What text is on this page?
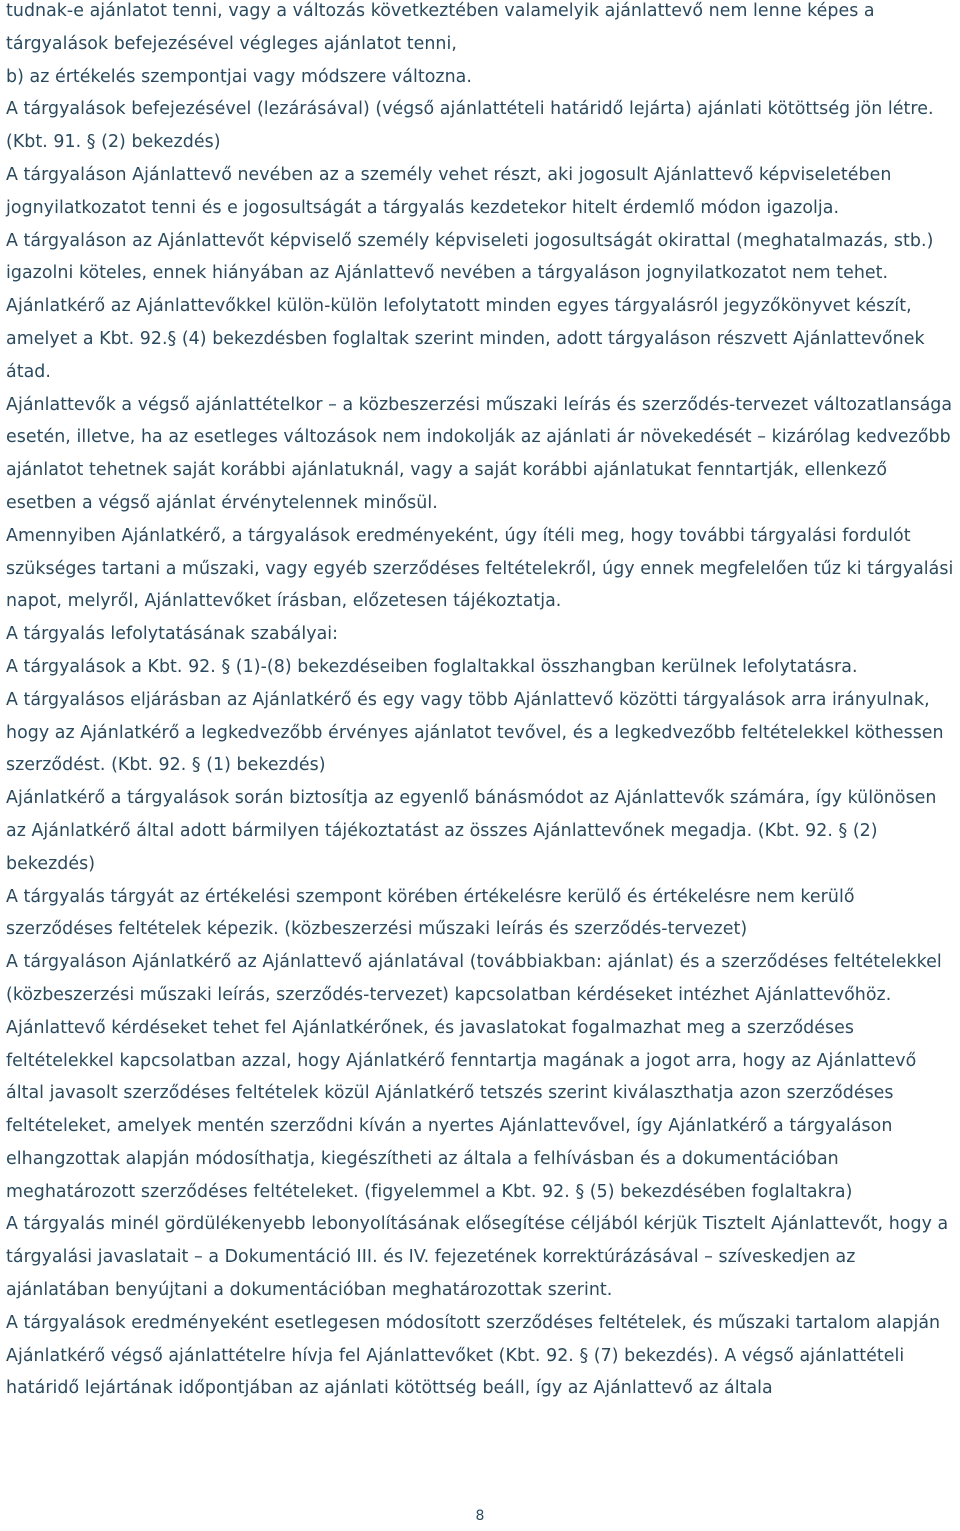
tudnak-e ajánlatot tenni, vagy a változás következtében valamelyik ajánlattevő nem lenne képes a tárgyalások befejezésével végleges ajánlatot tenni,

b) az értékelés szempontjai vagy módszere változna.

A tárgyalások befejezésével (lezárásával) (végső ajánlattételi határidő lejárta) ajánlati kötöttség jön létre. (Kbt. 91. § (2) bekezdés)

A tárgyaláson Ajánlattevő nevében az a személy vehet részt, aki jogosult Ajánlattevő képviseletében jognyilatkozatot tenni és e jogosultságát a tárgyalás kezdetekor hitelt érdemlő módon igazolja.

A tárgyaláson az Ajánlattevőt képviselő személy képviseleti jogosultságát okirattal (meghatalmazás, stb.) igazolni köteles, ennek hiányában az Ajánlattevő nevében a tárgyaláson jognyilatkozatot nem tehet.

Ajánlatkérő az Ajánlattevőkkel külön-külön lefolytatott minden egyes tárgyalásról jegyzőkönyvet készít, amelyet a Kbt. 92.§ (4) bekezdésben foglaltak szerint minden, adott tárgyaláson részvett Ajánlattevőnek átad.

Ajánlattevők a végső ajánlattételkor – a közbeszerzési műszaki leírás és szerződés-tervezet változatlansága esetén, illetve, ha az esetleges változások nem indokolják az ajánlati ár növekedését – kizárólag kedvezőbb ajánlatot tehetnek saját korábbi ajánlatuknál, vagy a saját korábbi ajánlatukat fenntartják, ellenkező esetben a végső ajánlat érvénytelennek minősül.

Amennyiben Ajánlatkérő, a tárgyalások eredményeként, úgy ítéli meg, hogy további tárgyalási fordulót szükséges tartani a műszaki, vagy egyéb szerződéses feltételekről, úgy ennek megfelelően tűz ki tárgyalási napot, melyről, Ajánlattevőket írásban, előzetesen tájékoztatja.

A tárgyalás lefolytatásának szabályai:

A tárgyalások a Kbt. 92. § (1)-(8) bekezdéseiben foglaltakkal összhangban kerülnek lefolytatásra.

A tárgyalásos eljárásban az Ajánlatkérő és egy vagy több Ajánlattevő közötti tárgyalások arra irányulnak, hogy az Ajánlatkérő a legkedvezőbb érvényes ajánlatot tevővel, és a legkedvezőbb feltételekkel köthessen szerződést. (Kbt. 92. § (1) bekezdés)

Ajánlatkérő a tárgyalások során biztosítja az egyenlő bánásmódot az Ajánlattevők számára, így különösen az Ajánlatkérő által adott bármilyen tájékoztatást az összes Ajánlattevőnek megadja. (Kbt. 92. § (2) bekezdés)

A tárgyalás tárgyát az értékelési szempont körében értékelésre kerülő és értékelésre nem kerülő szerződéses feltételek képezik. (közbeszerzési műszaki leírás és szerződés-tervezet)

A tárgyaláson Ajánlatkérő az Ajánlattevő ajánlatával (továbbiakban: ajánlat) és a szerződéses feltételekkel (közbeszerzési műszaki leírás, szerződés-tervezet) kapcsolatban kérdéseket intézhet Ajánlattevőhöz.

Ajánlattevő kérdéseket tehet fel Ajánlatkérőnek, és javaslatokat fogalmazhat meg a szerződéses feltételekkel kapcsolatban azzal, hogy Ajánlatkérő fenntartja magának a jogot arra, hogy az Ajánlattevő által javasolt szerződéses feltételek közül Ajánlatkérő tetszés szerint kiválaszthatja azon szerződéses feltételeket, amelyek mentén szerződni kíván a nyertes Ajánlattevővel, így Ajánlatkérő a tárgyaláson elhangzottak alapján módosíthatja, kiegészítheti az általa a felhívásban és a dokumentációban meghatározott szerződéses feltételeket. (figyelemmel a Kbt. 92. § (5) bekezdésében foglaltakra)

A tárgyalás minél gördülékenyebb lebonyolításának elősegítése céljából kérjük Tisztelt Ajánlattevőt, hogy a tárgyalási javaslatait – a Dokumentáció III. és IV. fejezetének korrektúrázásával – szíveskedjen az ajánlatában benyújtani a dokumentációban meghatározottak szerint.

A tárgyalások eredményeként esetlegesen módosított szerződéses feltételek, és műszaki tartalom alapján Ajánlatkérő végső ajánlattételre hívja fel Ajánlattevőket (Kbt. 92. § (7) bekezdés). A végső ajánlattételi határidő lejártának időpontjában az ajánlati kötöttség beáll, így az Ajánlattevő az általa

8
